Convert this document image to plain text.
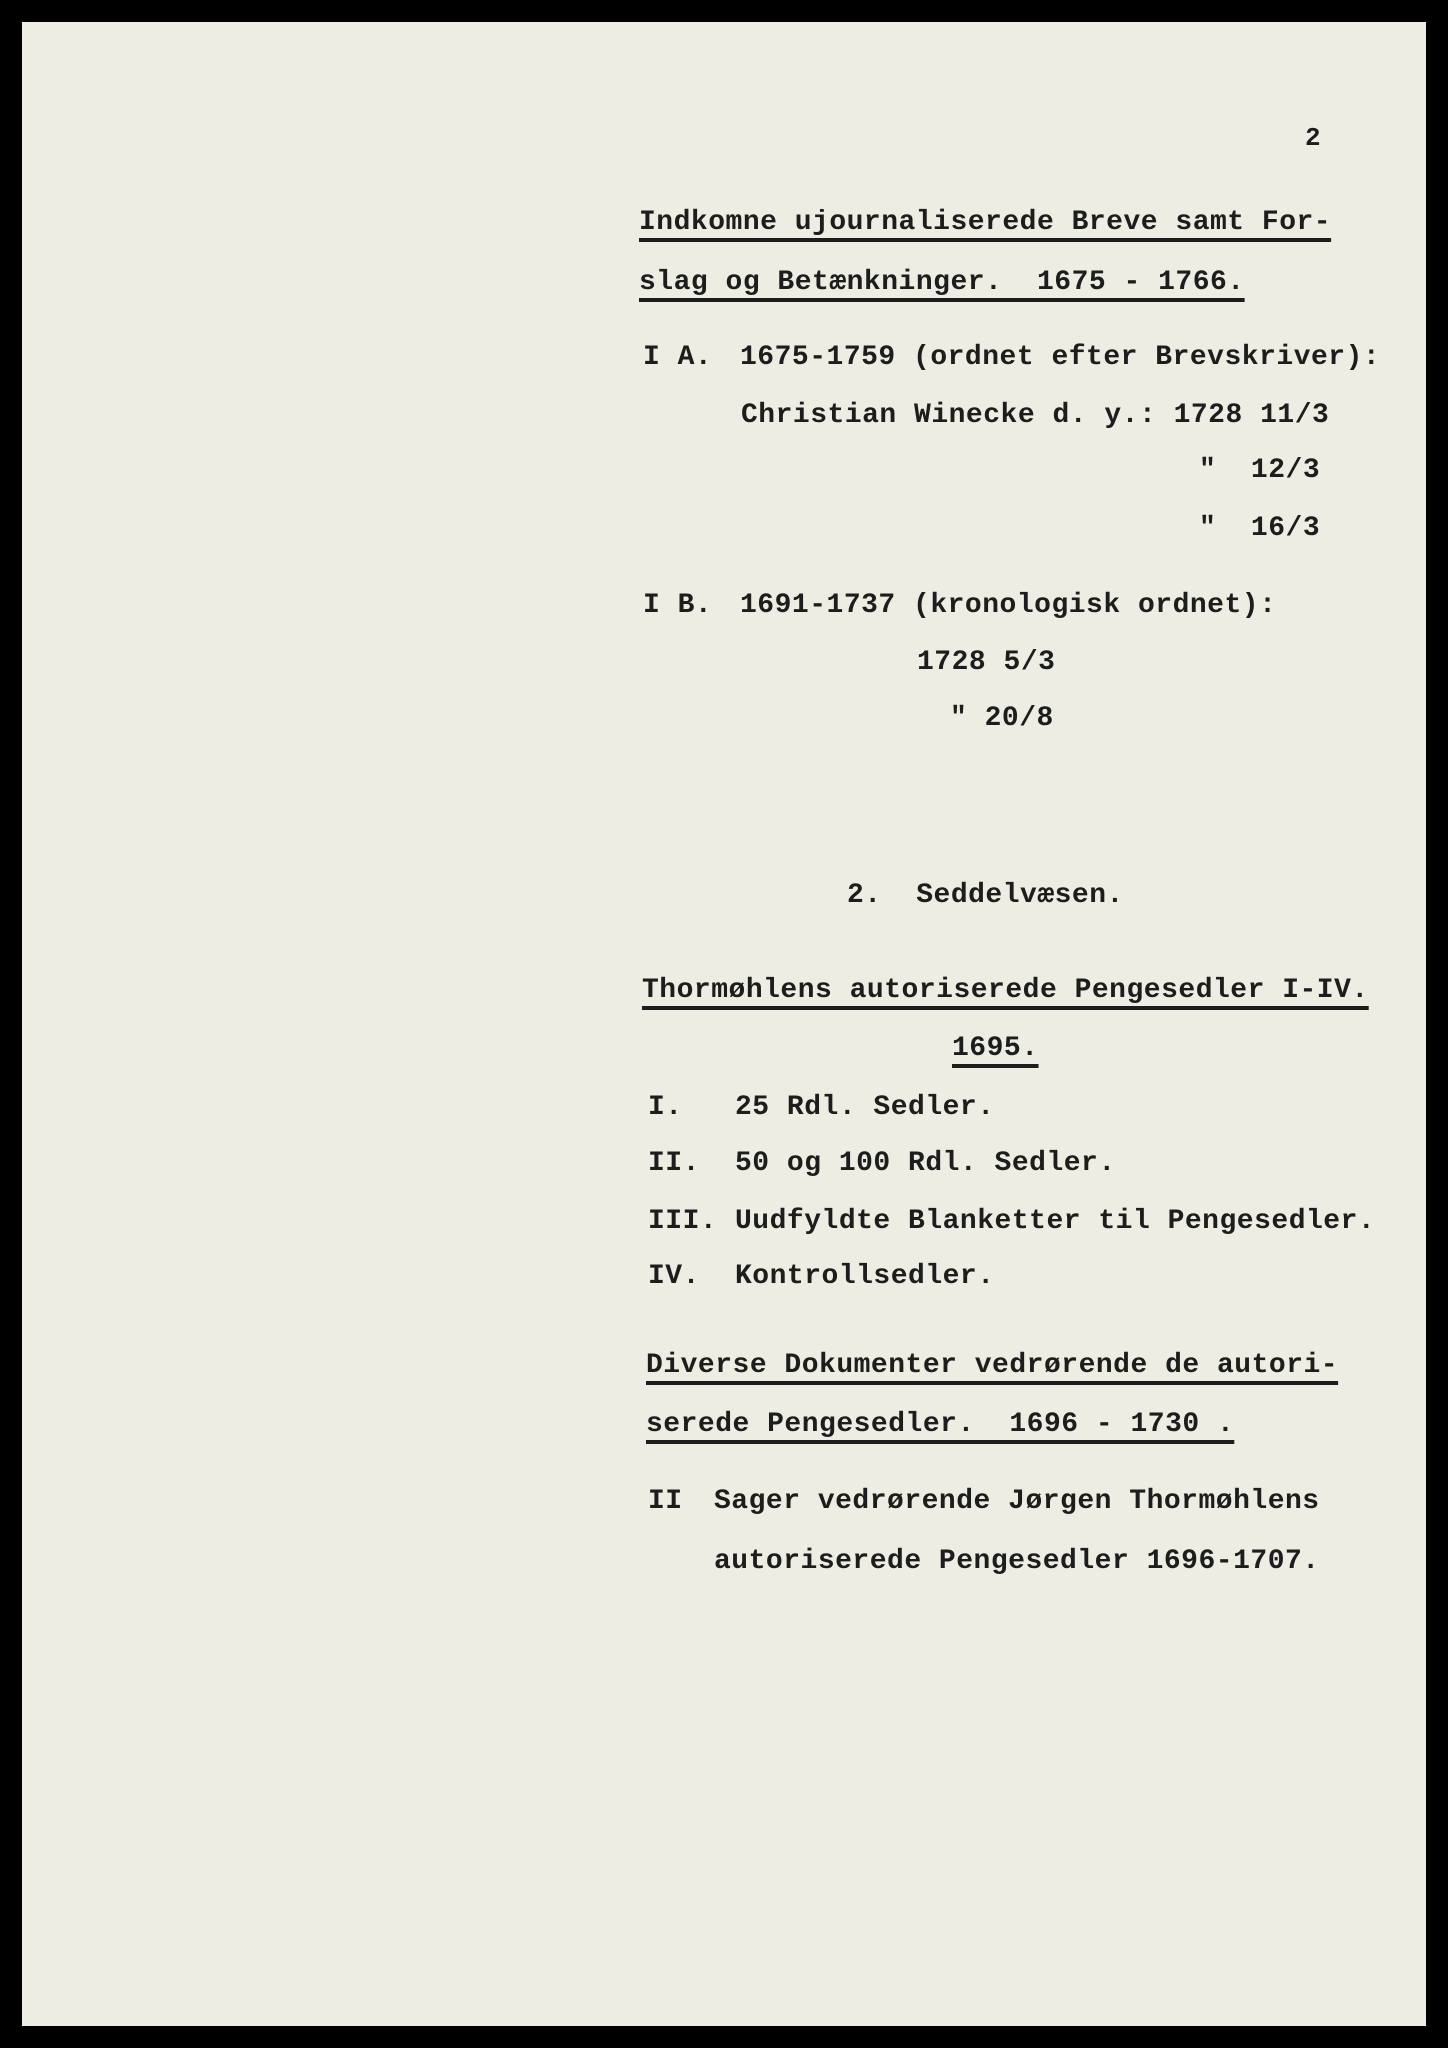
2

Indkomne ujournaliserede Breve samt For-

slag og Betænkninger.  1675 - 1766.

I A. 1675-1759 (ordnet efter Brevskriver):

Christian Winecke d. y.: 1728 11/3

"  12/3

"  16/3

I B. 1691-1737 (kronologisk ordnet):

1728 5/3

" 20/8

2.  Seddelvæsen.

Thormøhlens autoriserede Pengesedler I-IV.

1695.

I. 25 Rdl. Sedler.

II. 50 og 100 Rdl. Sedler.

III. Uudfyldte Blanketter til Pengesedler.

IV. Kontrollsedler.

Diverse Dokumenter vedrørende de autori-

serede Pengesedler.  1696 - 1730 .

II Sager vedrørende Jørgen Thormøhlens

autoriserede Pengesedler 1696-1707.
